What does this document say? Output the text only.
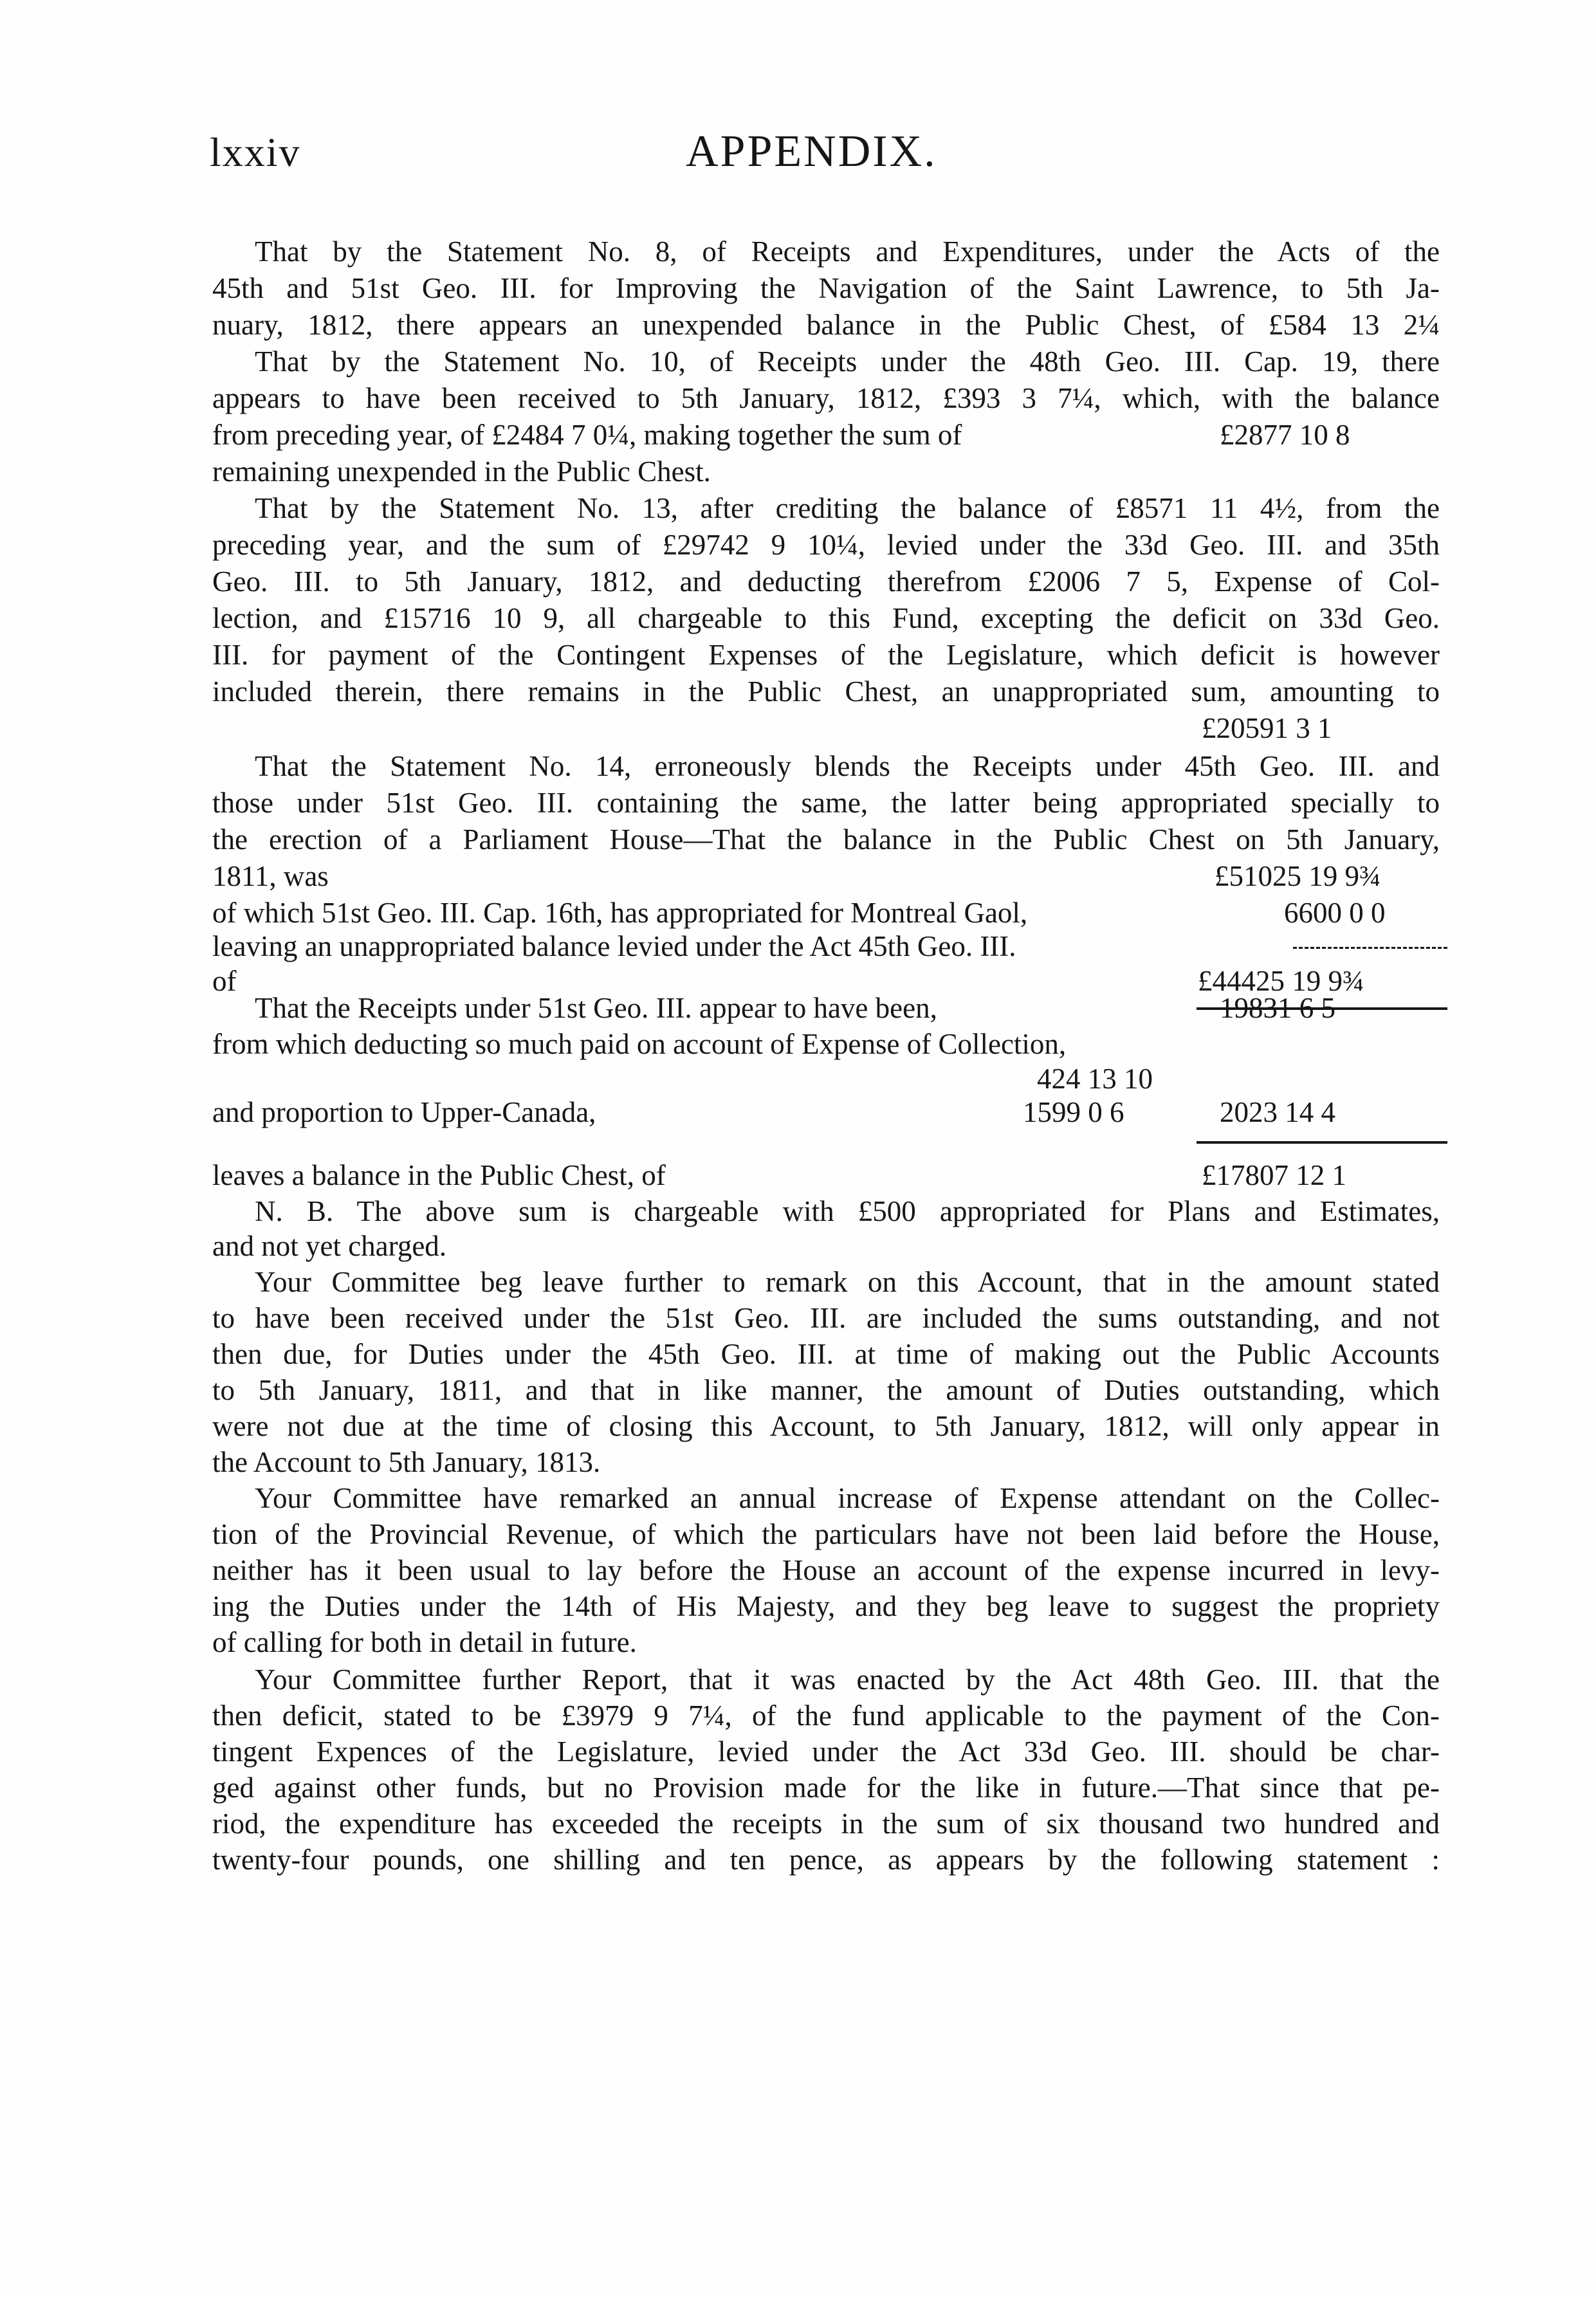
lxxiv	APPENDIX.
That by the Statement No. 8, of Receipts and Expenditures, under the Acts of the
45th and 51st Geo. III. for Improving the Navigation of the Saint Lawrence, to 5th Ja-
nuary, 1812, there appears an unexpended balance in the Public Chest, of £584 13 2¼
That by the Statement No. 10, of Receipts under the 48th Geo. III. Cap. 19, there
appears to have been received to 5th January, 1812, £393 3 7¼, which, with the balance
from preceding year, of £2484 7 0¼, making together the sum of	£2877 10 8
remaining unexpended in the Public Chest.
That by the Statement No. 13, after crediting the balance of £8571 11 4½, from the
preceding year, and the sum of £29742 9 10¼, levied under the 33d Geo. III. and 35th
Geo. III. to 5th January, 1812, and deducting therefrom £2006 7 5, Expense of Col-
lection, and £15716 10 9, all chargeable to this Fund, excepting the deficit on 33d Geo.
III. for payment of the Contingent Expenses of the Legislature, which deficit is however
included therein, there remains in the Public Chest, an unappropriated sum, amounting to
£20591 3 1
That the Statement No. 14, erroneously blends the Receipts under 45th Geo. III. and
those under 51st Geo. III. containing the same, the latter being appropriated specially to
the erection of a Parliament House—That the balance in the Public Chest on 5th January,
1811, was	£51025 19 9¾
of which 51st Geo. III. Cap. 16th, has appropriated for Montreal Gaol,	6600 0 0
leaving an unappropriated balance levied under the Act 45th Geo. III.
of	£44425 19 9¾
That the Receipts under 51st Geo. III. appear to have been,	19831 6 5
from which deducting so much paid on account of Expense of Collection,
424 13 10
and proportion to Upper-Canada,	1599 0 6	2023 14 4
leaves a balance in the Public Chest, of	£17807 12 1
N. B. The above sum is chargeable with £500 appropriated for Plans and Estimates,
and not yet charged.
Your Committee beg leave further to remark on this Account, that in the amount stated
to have been received under the 51st Geo. III. are included the sums outstanding, and not
then due, for Duties under the 45th Geo. III. at time of making out the Public Accounts
to 5th January, 1811, and that in like manner, the amount of Duties outstanding, which
were not due at the time of closing this Account, to 5th January, 1812, will only appear in
the Account to 5th January, 1813.
Your Committee have remarked an annual increase of Expense attendant on the Collec-
tion of the Provincial Revenue, of which the particulars have not been laid before the House,
neither has it been usual to lay before the House an account of the expense incurred in levy-
ing the Duties under the 14th of His Majesty, and they beg leave to suggest the propriety
of calling for both in detail in future.
Your Committee further Report, that it was enacted by the Act 48th Geo. III. that the
then deficit, stated to be £3979 9 7¼, of the fund applicable to the payment of the Con-
tingent Expences of the Legislature, levied under the Act 33d Geo. III. should be char-
ged against other funds, but no Provision made for the like in future.—That since that pe-
riod, the expenditure has exceeded the receipts in the sum of six thousand two hundred and
twenty-four pounds, one shilling and ten pence, as appears by the following statement :
